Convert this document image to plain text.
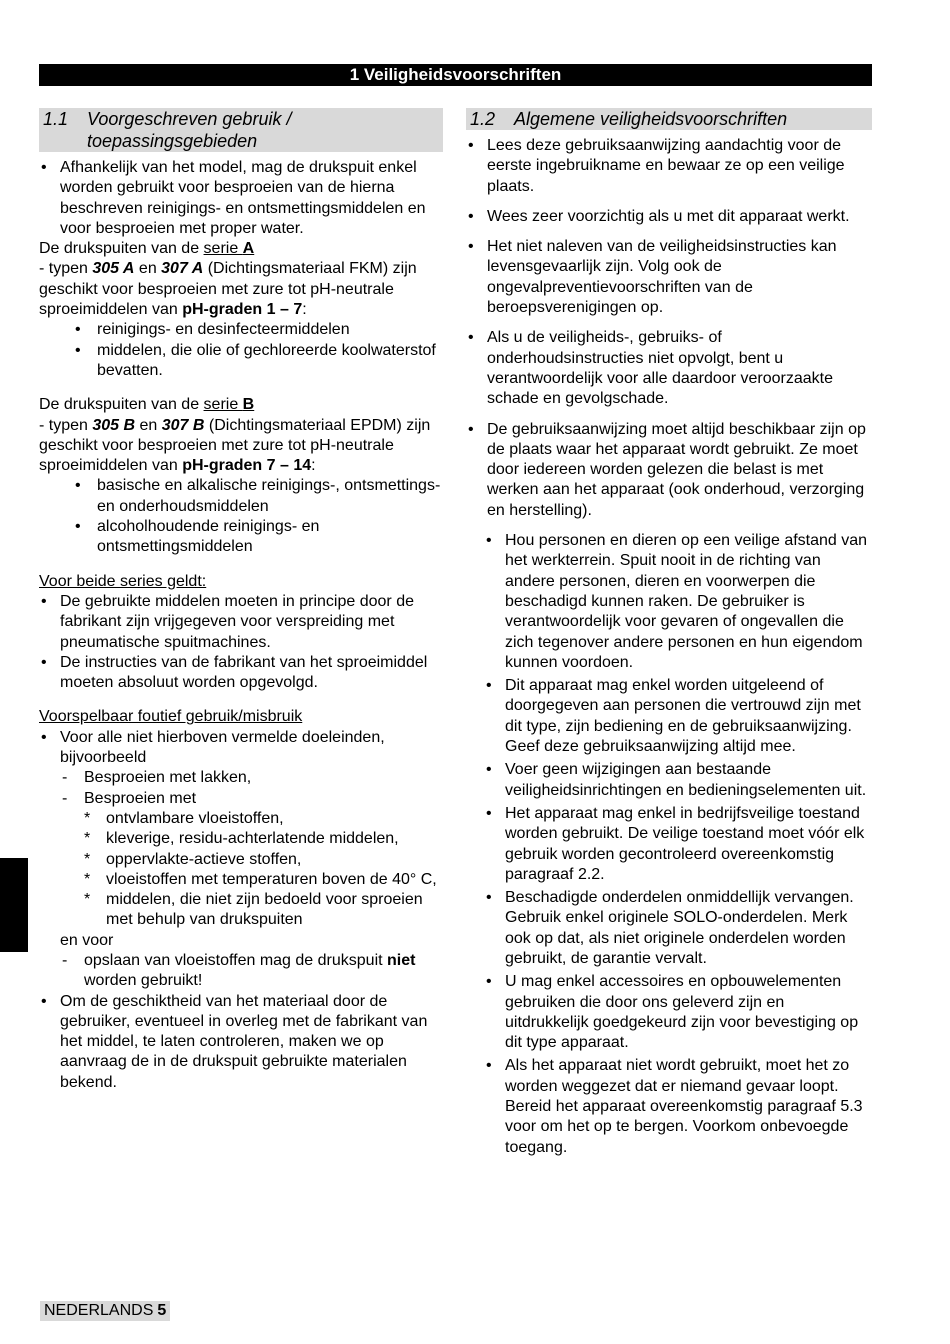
1 Veiligheidsvoorschriften
1.1	Voorgeschreven gebruik / toepassingsgebieden
• Afhankelijk van het model, mag de drukspuit enkel worden gebruikt voor besproeien van de hierna beschreven reinigings- en ontsmettingsmiddelen en voor besproeien met proper water.

De drukspuiten van de serie A
- typen 305 A en 307 A (Dichtingsmateriaal FKM) zijn geschikt voor besproeien met zure tot pH-neutrale sproeimiddelen van pH-graden 1 – 7:

• reinigings- en desinfecteermiddelen
• middelen, die olie of gechloreerde koolwaterstof bevatten.

De drukspuiten van de serie B
- typen 305 B en 307 B (Dichtingsmateriaal EPDM) zijn geschikt voor besproeien met zure tot pH-neutrale sproeimiddelen van pH-graden 7 – 14:

• basische en alkalische reinigings-, ontsmettings- en onderhoudsmiddelen
• alcoholhoudende reinigings- en ontsmettingsmiddelen

Voor beide series geldt:

• De gebruikte middelen moeten in principe door de fabrikant zijn vrijgegeven voor verspreiding met pneumatische spuitmachines.
• De instructies van de fabrikant van het sproeimiddel moeten absoluut worden opgevolgd.

Voorspelbaar foutief gebruik/misbruik

• Voor alle niet hierboven vermelde doeleinden, bijvoorbeeld
- Besproeien met lakken,
- Besproeien met
* ontvlambare vloeistoffen,
* kleverige, residu-achterlatende middelen,
* oppervlakte-actieve stoffen,
* vloeistoffen met temperaturen boven de 40° C,
* middelen, die niet zijn bedoeld voor sproeien met behulp van drukspuiten
en voor
- opslaan van vloeistoffen mag de drukspuit niet worden gebruikt!
• Om de geschiktheid van het materiaal door de gebruiker, eventueel in overleg met de fabrikant van het middel, te laten controleren, maken we op aanvraag de in de drukspuit gebruikte materialen bekend.
1.2	Algemene veiligheidsvoorschriften
• Lees deze gebruiksaanwijzing aandachtig voor de eerste ingebruikname en bewaar ze op een veilige plaats.
• Wees zeer voorzichtig als u met dit apparaat werkt.
• Het niet naleven van de veiligheidsinstructies kan levensgevaarlijk zijn. Volg ook de ongevalpreventievoorschriften van de beroepsverenigingen op.
• Als u de veiligheids-, gebruiks- of onderhoudsinstructies niet opvolgt, bent u verantwoordelijk voor alle daardoor veroorzaakte schade en gevolgschade.
• De gebruiksaanwijzing moet altijd beschikbaar zijn op de plaats waar het apparaat wordt gebruikt. Ze moet door iedereen worden gelezen die belast is met werken aan het apparaat (ook onderhoud, verzorging en herstelling).
• Hou personen en dieren op een veilige afstand van het werkterrein. Spuit nooit in de richting van andere personen, dieren en voorwerpen die beschadigd kunnen raken. De gebruiker is verantwoordelijk voor gevaren of ongevallen die zich tegenover andere personen en hun eigendom kunnen voordoen.
• Dit apparaat mag enkel worden uitgeleend of doorgegeven aan personen die vertrouwd zijn met dit type, zijn bediening en de gebruiksaanwijzing. Geef deze gebruiksaanwijzing altijd mee.
• Voer geen wijzigingen aan bestaande veiligheidsinrichtingen en bedieningselementen uit.
• Het apparaat mag enkel in bedrijfsveilige toestand worden gebruikt. De veilige toestand moet vóór elk gebruik worden gecontroleerd overeenkomstig paragraaf 2.2.
• Beschadigde onderdelen onmiddellijk vervangen. Gebruik enkel originele SOLO-onderdelen. Merk ook op dat, als niet originele onderdelen worden gebruikt, de garantie vervalt.
• U mag enkel accessoires en opbouwelementen gebruiken die door ons geleverd zijn en uitdrukkelijk goedgekeurd zijn voor bevestiging op dit type apparaat.
• Als het apparaat niet wordt gebruikt, moet het zo worden weggezet dat er niemand gevaar loopt. Bereid het apparaat overeenkomstig paragraaf 5.3 voor om het op te bergen. Voorkom onbevoegde toegang.
NEDERLANDS 5
